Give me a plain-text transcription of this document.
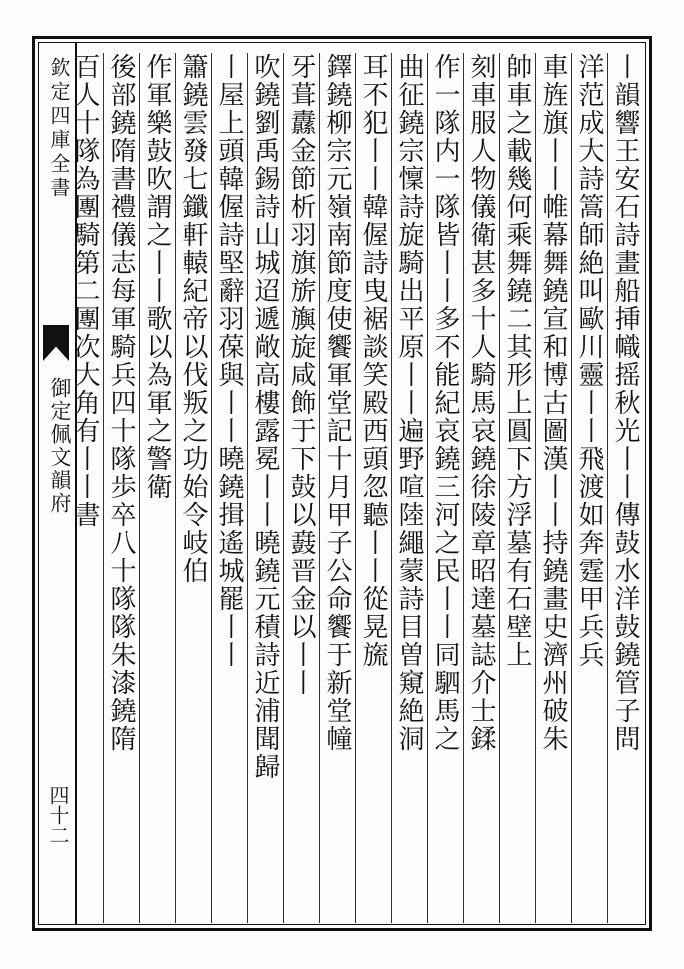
欽定四庫全書
御定佩文韻府
四十二
丨韻響王安石詩畫船挿幟摇秋光丨丨傳鼔水洋鼔鐃管子問
洋范成大詩篙師絶叫歐川靈丨丨飛渡如奔霆甲兵兵
車旌旗丨丨帷幕舞鐃宣和博古圖漢丨丨持鐃畫史濟州破朱
帥車之載幾何乘舞鐃二其形上圓下方浮墓有石壁上
刻車服人物儀衛甚多十人騎馬哀鐃徐陵章昭達墓誌介士鍒
作一隊内一隊皆丨丨多不能紀哀鐃三河之民丨丨同駟馬之
曲征鐃宗懍詩旋騎出平原丨丨遍野喧陸繩蒙詩目曽窺絶洞
耳不犯丨丨韓偓詩曳裾談笑殿西頭忽聽丨丨從晃旒
鐸鐃柳宗元嶺南節度使饗軍堂記十月甲子公命饗于新堂幢
牙葺纛金節析羽旗旂旟旋咸飾于下鼔以鼖晋金以丨丨
吹鐃劉禹錫詩山城迢遞敞高樓露冕丨丨曉鐃元積詩近浦聞歸
丨屋上頭韓偓詩堅辭羽葆與丨丨曉鐃揖遙城罷丨丨
簫鐃雲發七鑯軒轅紀帝以伐叛之功始令岐伯
作軍樂鼔吹謂之丨丨歌以為軍之警衛
後部鐃隋書禮儀志每軍騎兵四十隊歩卒八十隊隊朱漆鐃隋
百人十隊為團騎第二團次大角有丨丨書
